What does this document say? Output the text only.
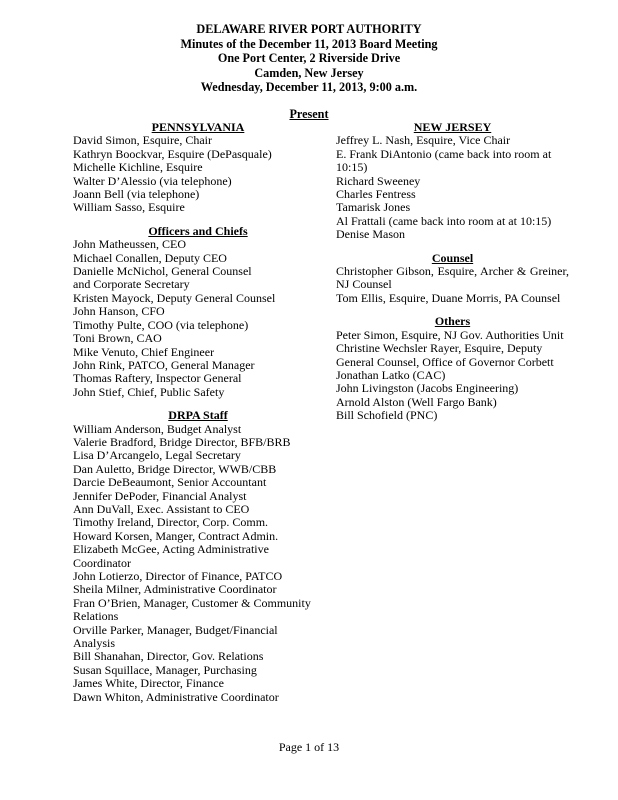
DELAWARE RIVER PORT AUTHORITY
Minutes of the December 11, 2013 Board Meeting
One Port Center, 2 Riverside Drive
Camden, New Jersey
Wednesday, December 11, 2013, 9:00 a.m.
Present
PENNSYLVANIA
David Simon, Esquire, Chair
Kathryn Boockvar, Esquire (DePasquale)
Michelle Kichline, Esquire
Walter D’Alessio (via telephone)
Joann Bell (via telephone)
William Sasso, Esquire
Officers and Chiefs
John Matheussen, CEO
Michael Conallen, Deputy CEO
Danielle McNichol, General Counsel
and Corporate Secretary
Kristen Mayock, Deputy General Counsel
John Hanson, CFO
Timothy Pulte, COO (via telephone)
Toni Brown, CAO
Mike Venuto, Chief Engineer
John Rink, PATCO, General Manager
Thomas Raftery, Inspector General
John Stief, Chief, Public Safety
DRPA Staff
William Anderson, Budget Analyst
Valerie Bradford, Bridge Director, BFB/BRB
Lisa D’Arcangelo, Legal Secretary
Dan Auletto, Bridge Director, WWB/CBB
Darcie DeBeaumont, Senior Accountant
Jennifer DePoder, Financial Analyst
Ann DuVall, Exec. Assistant to CEO
Timothy Ireland, Director, Corp. Comm.
Howard Korsen, Manger, Contract Admin.
Elizabeth McGee, Acting Administrative Coordinator
John Lotierzo, Director of Finance, PATCO
Sheila Milner, Administrative Coordinator
Fran O’Brien, Manager, Customer & Community Relations
Orville Parker, Manager, Budget/Financial Analysis
Bill Shanahan, Director, Gov. Relations
Susan Squillace, Manager, Purchasing
James White, Director, Finance
Dawn Whiton, Administrative Coordinator
NEW JERSEY
Jeffrey L. Nash, Esquire, Vice Chair
E. Frank DiAntonio (came back into room at 10:15)
Richard Sweeney
Charles Fentress
Tamarisk Jones
Al Frattali (came back into room at at 10:15)
Denise Mason
Counsel
Christopher Gibson, Esquire, Archer & Greiner, NJ Counsel
Tom Ellis, Esquire, Duane Morris, PA Counsel
Others
Peter Simon, Esquire, NJ Gov. Authorities Unit
Christine Wechsler Rayer, Esquire, Deputy General Counsel, Office of Governor Corbett
Jonathan Latko (CAC)
John Livingston (Jacobs Engineering)
Arnold Alston (Well Fargo Bank)
Bill Schofield (PNC)
Page 1 of 13
